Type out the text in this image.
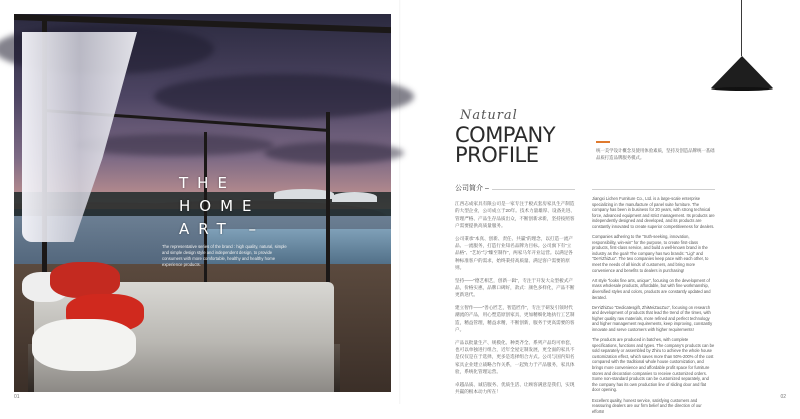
THE
HOME
ART –
The representative series of the brand : high quality, natural, simple and simple design style and independent design, to provide consumers with more comfortable, healthy and healthy home experience products.
01
Natural
COMPANY
PROFILE	统一美学设计概念及使用体验素质，坚持及创造品牌统一基础品质打造品牌服务模式。
公司简介 –

江西志成家具有限公司是一家专注于板式套房家具生产制造的大型企业，公司成立于20年。技术力量雄厚、设备先进、管理严格、产品生存品质出众，不断创新求新，坚持按照客户需要提供高质量服务。

公司秉承“本真、创新、责任、共赢”的理念，以打造一流产品、一流服务，打造行业知名品牌为目标。公司旗下有“立品格”、“艺坊”与“臻至制作”，两家马年开业运营。以满足各种标准客户的需求，始终秉持高质量、满足客户需要的原则。

坚持——“德艺相艺，创新一辑”，专注于开发大众型板式产品，价格实惠，品牌口碑好，款式：颜色多样化，产品不断更新迭代。

建立智作——“善心匠艺，智造匠作”，专注于研发引领时代潮流的产品，用心塑造原创家具，更加精细化地执行工艺制造，精益管理，精益求精，不断创新，服务于更高需要的客户。

产品以批量生产、规模化、种类齐全、系列产品均可单套，也可以单独进行组合，近年全屋定制发展，更全面的家具不是仅仅是在于选择，更多是选择组合方式。公司与国内知名家具企业建立战略合作关系，一起致力于产品服务，家具体验，系统化管理运营。

卓越品质、诚信服务、优质生活、让顾客满意是我们，实现共赢的根本动力所在！

Jiangxi Lichen Furniture Co., Ltd. is a large-scale enterprise specializing in the manufacture of panel suite furniture. The company has been in business for 20 years, with strong technical force, advanced equipment and strict management. Its products are independently designed and developed, and its products are constantly innovated to create superior competitiveness for dealers.

Companies adhering to the "truth-seeking, innovation, responsibility, win-win" for the purpose, to create first-class products, first-class service, and build a well-known brand in the industry as the goal! The company has two brands: "Ligi" and "DeYiZhiZuo". The two companies keep pace with each other, to meet the needs of all kinds of customers, and bring more convenience and benefits to dealers in purchasing!

Art style "looks fine arts, unique", focusing on the development of mass wholesale products, affordable, but with fine workmanship, diversified styles and colors, products are constantly updated and iterated.

DeYiZhiZuo "Dedicatesgift, ZhiMeiZaoZuo", focusing on research and development of products that lead the trend of the times, with higher quality raw materials, more refined and perfect technology and higher management requirements, keep improving, constantly innovate and serve customers with higher requirements!

The products are produced in batches, with complete specifications, functions and types. The company's products can be sold separately or assembled by Zhiru to achieve the whole house customization effect, which saves more than 50%-200% of the cost compared with the traditional whole house customization, and brings more convenience and affordable profit space for furniture stores and decoration companies to receive customized orders. Some non-standard products can be customized separately, and the company has its own production line of sliding door and flat door opening.

Excellent quality, honest service, satisfying customers and reassuring dealers are our firm belief and the direction of our efforts!

02
